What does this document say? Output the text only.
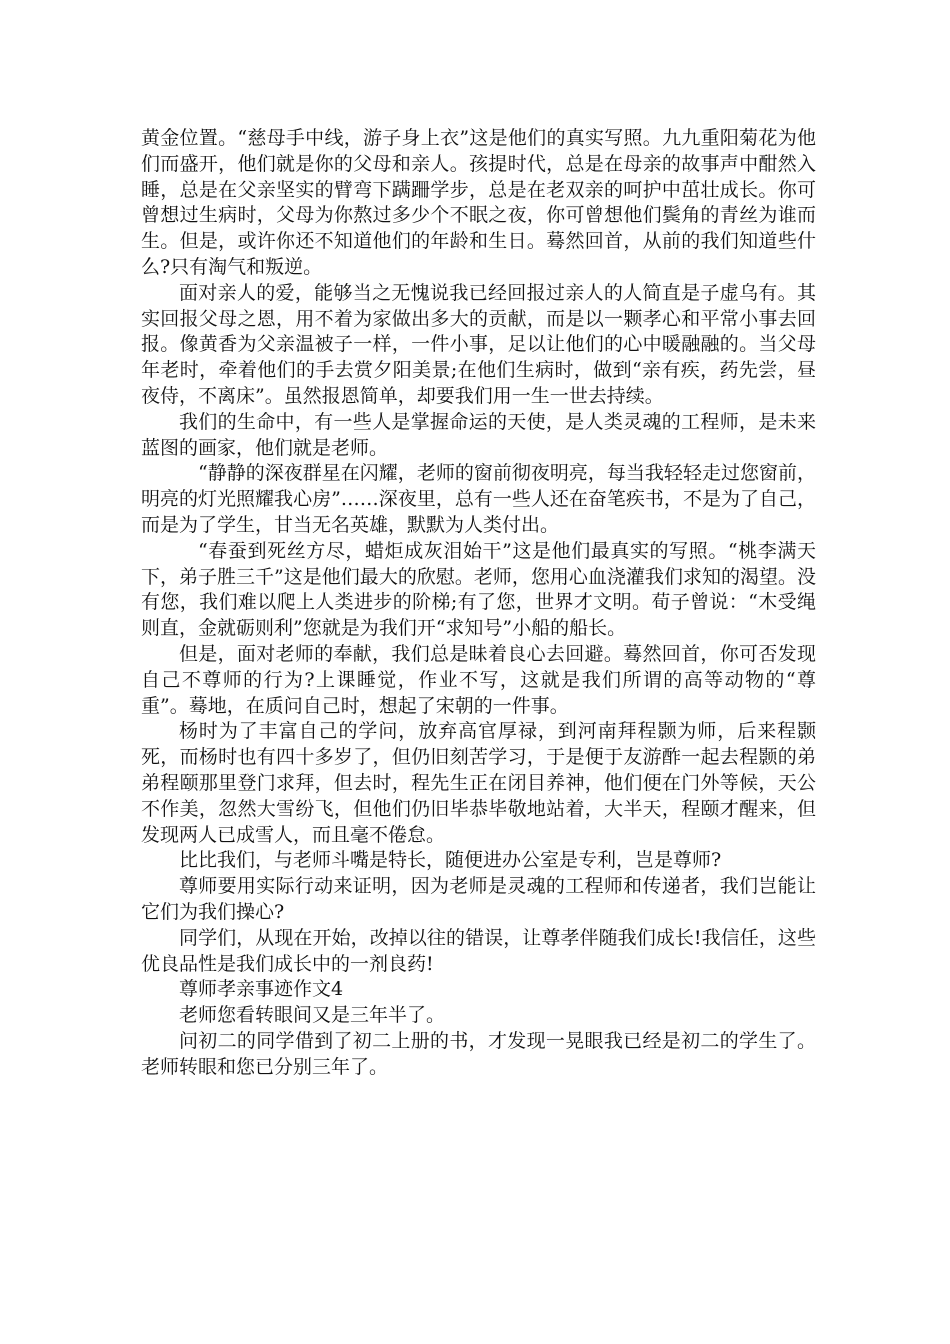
黄金位置。“慈母手中线，游子身上衣”这是他们的真实写照。九九重阳菊花为他们而盛开，他们就是你的父母和亲人。孩提时代，总是在母亲的故事声中酣然入睡，总是在父亲坚实的臂弯下蹒跚学步，总是在老双亲的呵护中茁壮成长。你可曾想过生病时，父母为你熬过多少个不眠之夜，你可曾想他们鬓角的青丝为谁而生。但是，或许你还不知道他们的年龄和生日。蓦然回首，从前的我们知道些什么?只有淘气和叛逆。

面对亲人的爱，能够当之无愧说我已经回报过亲人的人简直是子虚乌有。其实回报父母之恩，用不着为家做出多大的贡献，而是以一颗孝心和平常小事去回报。像黄香为父亲温被子一样，一件小事，足以让他们的心中暖融融的。当父母年老时，牵着他们的手去赏夕阳美景;在他们生病时，做到“亲有疾，药先尝，昼夜侍，不离床”。虽然报恩简单，却要我们用一生一世去持续。

我们的生命中，有一些人是掌握命运的天使，是人类灵魂的工程师，是未来蓝图的画家，他们就是老师。

“静静的深夜群星在闪耀，老师的窗前彻夜明亮，每当我轻轻走过您窗前，明亮的灯光照耀我心房”……深夜里，总有一些人还在奋笔疾书，不是为了自己，而是为了学生，甘当无名英雄，默默为人类付出。

“春蚕到死丝方尽，蜡炬成灰泪始干”这是他们最真实的写照。“桃李满天下，弟子胜三千”这是他们最大的欣慰。老师，您用心血浇灌我们求知的渴望。没有您，我们难以爬上人类进步的阶梯;有了您，世界才文明。荀子曾说：“木受绳则直，金就砺则利”您就是为我们开“求知号”小船的船长。

但是，面对老师的奉献，我们总是昧着良心去回避。蓦然回首，你可否发现自己不尊师的行为?上课睡觉，作业不写，这就是我们所谓的高等动物的“尊重”。蓦地，在质问自己时，想起了宋朝的一件事。

杨时为了丰富自己的学问，放弃高官厚禄，到河南拜程颢为师，后来程颢死，而杨时也有四十多岁了，但仍旧刻苦学习，于是便于友游酢一起去程颢的弟弟程颐那里登门求拜，但去时，程先生正在闭目养神，他们便在门外等候，天公不作美，忽然大雪纷飞，但他们仍旧毕恭毕敬地站着，大半天，程颐才醒来，但发现两人已成雪人，而且毫不倦怠。

比比我们，与老师斗嘴是特长，随便进办公室是专利，岂是尊师?

尊师要用实际行动来证明，因为老师是灵魂的工程师和传递者，我们岂能让它们为我们操心?

同学们，从现在开始，改掉以往的错误，让尊孝伴随我们成长!我信任，这些优良品性是我们成长中的一剂良药!

尊师孝亲事迹作文4

老师您看转眼间又是三年半了。

问初二的同学借到了初二上册的书，才发现一晃眼我已经是初二的学生了。老师转眼和您已分别三年了。
